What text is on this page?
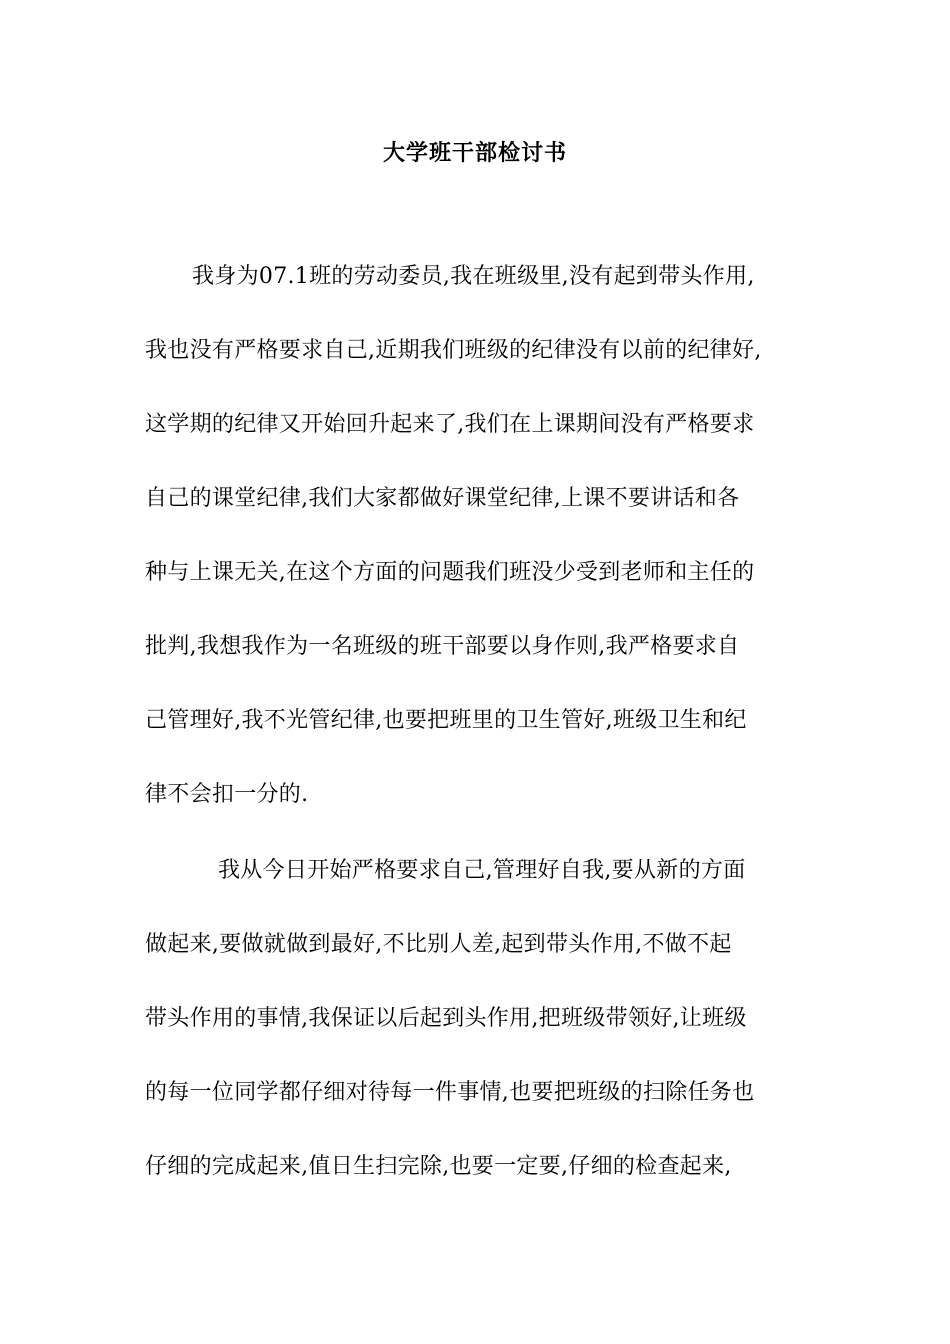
大学班干部检讨书
我身为07.1班的劳动委员,我在班级里,没有起到带头作用,
我也没有严格要求自己,近期我们班级的纪律没有以前的纪律好,
这学期的纪律又开始回升起来了,我们在上课期间没有严格要求
自己的课堂纪律,我们大家都做好课堂纪律,上课不要讲话和各
种与上课无关,在这个方面的问题我们班没少受到老师和主任的
批判,我想我作为一名班级的班干部要以身作则,我严格要求自
己管理好,我不光管纪律,也要把班里的卫生管好,班级卫生和纪
律不会扣一分的.
我从今日开始严格要求自己,管理好自我,要从新的方面
做起来,要做就做到最好,不比别人差,起到带头作用,不做不起
带头作用的事情,我保证以后起到头作用,把班级带领好,让班级
的每一位同学都仔细对待每一件事情,也要把班级的扫除任务也
仔细的完成起来,值日生扫完除,也要一定要,仔细的检查起来,
